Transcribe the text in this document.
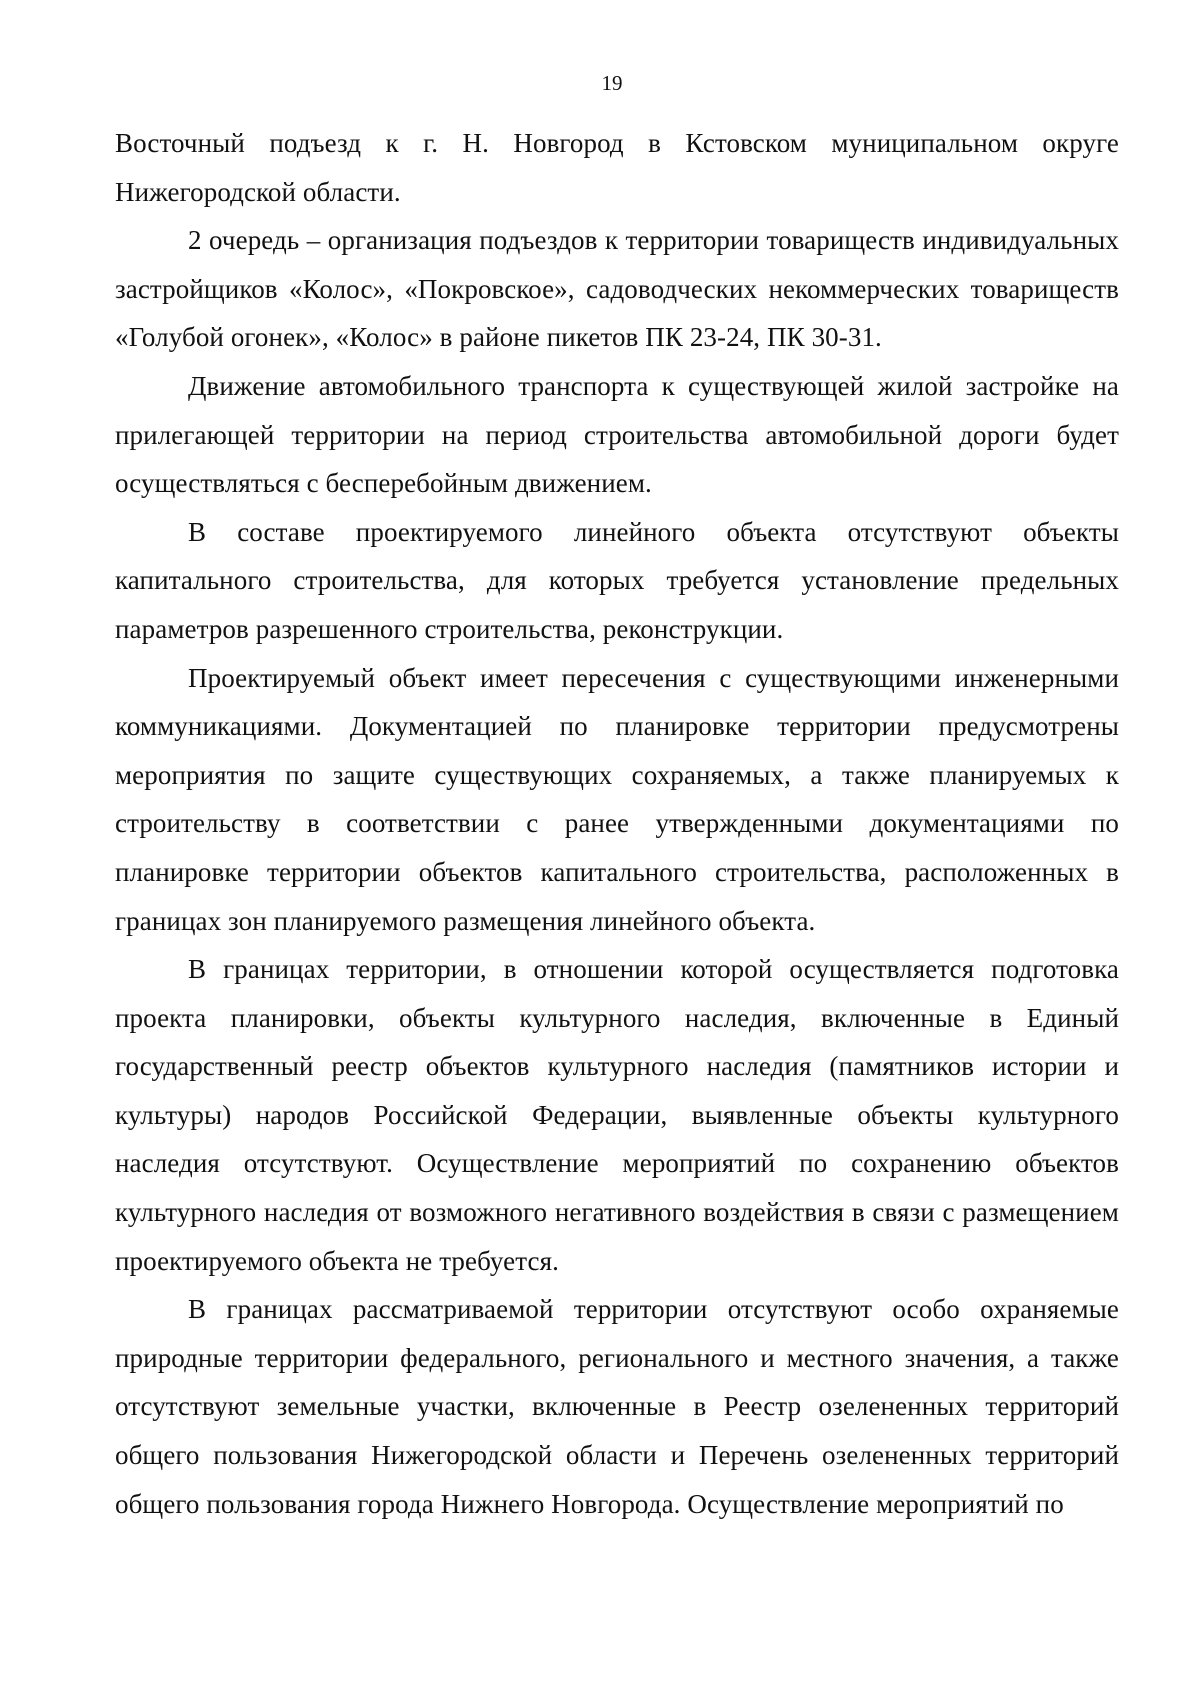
19

Восточный подъезд к г. Н. Новгород в Кстовском муниципальном округе Нижегородской области.

2 очередь – организация подъездов к территории товариществ индивидуальных застройщиков «Колос», «Покровское», садоводческих некоммерческих товариществ «Голубой огонек», «Колос» в районе пикетов ПК 23-24, ПК 30-31.

Движение автомобильного транспорта к существующей жилой застройке на прилегающей территории на период строительства автомобильной дороги будет осуществляться с бесперебойным движением.

В составе проектируемого линейного объекта отсутствуют объекты капитального строительства, для которых требуется установление предельных параметров разрешенного строительства, реконструкции.

Проектируемый объект имеет пересечения с существующими инженерными коммуникациями. Документацией по планировке территории предусмотрены мероприятия по защите существующих сохраняемых, а также планируемых к строительству в соответствии с ранее утвержденными документациями по планировке территории объектов капитального строительства, расположенных в границах зон планируемого размещения линейного объекта.

В границах территории, в отношении которой осуществляется подготовка проекта планировки, объекты культурного наследия, включенные в Единый государственный реестр объектов культурного наследия (памятников истории и культуры) народов Российской Федерации, выявленные объекты культурного наследия отсутствуют. Осуществление мероприятий по сохранению объектов культурного наследия от возможного негативного воздействия в связи с размещением проектируемого объекта не требуется.

В границах рассматриваемой территории отсутствуют особо охраняемые природные территории федерального, регионального и местного значения, а также отсутствуют земельные участки, включенные в Реестр озелененных территорий общего пользования Нижегородской области и Перечень озелененных территорий общего пользования города Нижнего Новгорода. Осуществление мероприятий по
